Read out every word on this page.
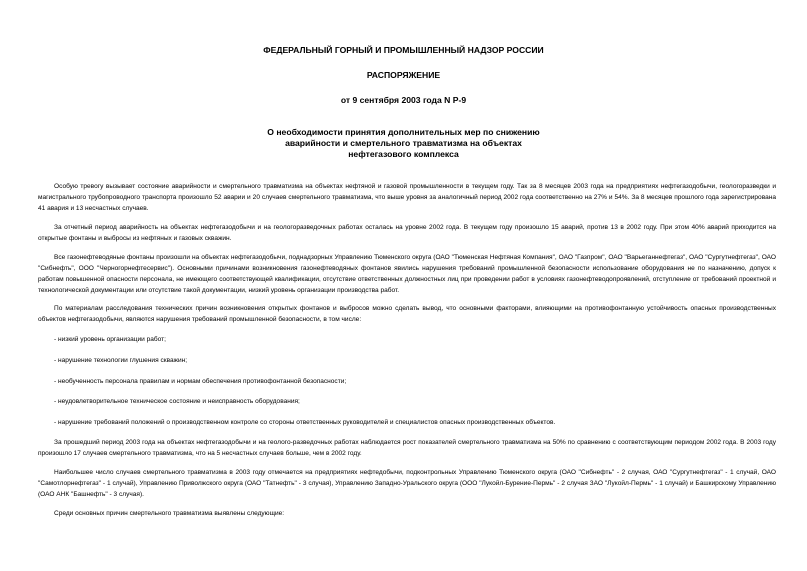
ФЕДЕРАЛЬНЫЙ ГОРНЫЙ И ПРОМЫШЛЕННЫЙ НАДЗОР РОССИИ
РАСПОРЯЖЕНИЕ
от 9 сентября 2003 года N Р-9
О необходимости принятия дополнительных мер по снижению
аварийности и смертельного травматизма на объектах
нефтегазового комплекса
Особую тревогу вызывает состояние аварийности и смертельного травматизма на объектах нефтяной и газовой промышленности в текущем году. Так за 8 месяцев 2003 года на предприятиях нефтегазодобычи, геологоразведки и магистрального трубопроводного транспорта произошло 52 аварии и 20 случаев смертельного травматизма, что выше уровня за аналогичный период 2002 года соответственно на 27% и 54%. За 8 месяцев прошлого года зарегистрирована 41 авария и 13 несчастных случаев.
За отчетный период аварийность на объектах нефтегазодобычи и на геологоразведочных работах осталась на уровне 2002 года. В текущем году произошло 15 аварий, против 13 в 2002 году. При этом 40% аварий приходится на открытые фонтаны и выбросы из нефтяных и газовых скважин.
Все газонефтеводяные фонтаны произошли на объектах нефтегазодобычи, поднадзорных Управлению Тюменского округа (ОАО "Тюменская Нефтяная Компания", ОАО "Газпром", ОАО "Варьеганнефтегаз", ОАО "Сургутнефтегаз", ОАО "Сибнефть", ООО "Черногорнефтесервис"). Основными причинами возникновения газонефтеводяных фонтанов явились нарушения требований промышленной безопасности использование оборудования не по назначению, допуск к работам повышенной опасности персонала, не имеющего соответствующей квалификации, отсутствие ответственных должностных лиц при проведении работ в условиях газонефтеводопроявлений, отступление от требований проектной и технологической документации или отсутствие такой документации, низкий уровень организации производства работ.
По материалам расследования технических причин возникновения открытых фонтанов и выбросов можно сделать вывод, что основными факторами, влияющими на противофонтанную устойчивость опасных производственных объектов нефтегазодобычи, являются нарушения требований промышленной безопасности, в том числе:
- низкий уровень организации работ;
- нарушение технологии глушения скважин;
- необученность персонала правилам и нормам обеспечения противофонтанной безопасности;
- неудовлетворительное техническое состояние и неисправность оборудования;
- нарушение требований положений о производственном контроле со стороны ответственных руководителей и специалистов опасных производственных объектов.
За прошедший период 2003 года на объектах нефтегазодобычи и на геолого-разведочных работах наблюдается рост показателей смертельного травматизма на 50% по сравнению с соответствующим периодом 2002 года. В 2003 году произошло 17 случаев смертельного травматизма, что на 5 несчастных случаев больше, чем в 2002 году.
Наибольшее число случаев смертельного травматизма в 2003 году отмечается на предприятиях нефтедобычи, подконтрольных Управлению Тюменского округа (ОАО "Сибнефть" - 2 случая, ОАО "Сургутнефтегаз" - 1 случай, ОАО "Самотлорнефтегаз" - 1 случай), Управлению Приволжского округа (ОАО "Татнефть" - 3 случая), Управлению Западно-Уральского округа (ООО "Лукойл-Бурение-Пермь" - 2 случая ЗАО "Лукойл-Пермь" - 1 случай) и Башкирскому Управлению (ОАО АНК "Башнефть" - 3 случая).
Среди основных причин смертельного травматизма выявлены следующие:
